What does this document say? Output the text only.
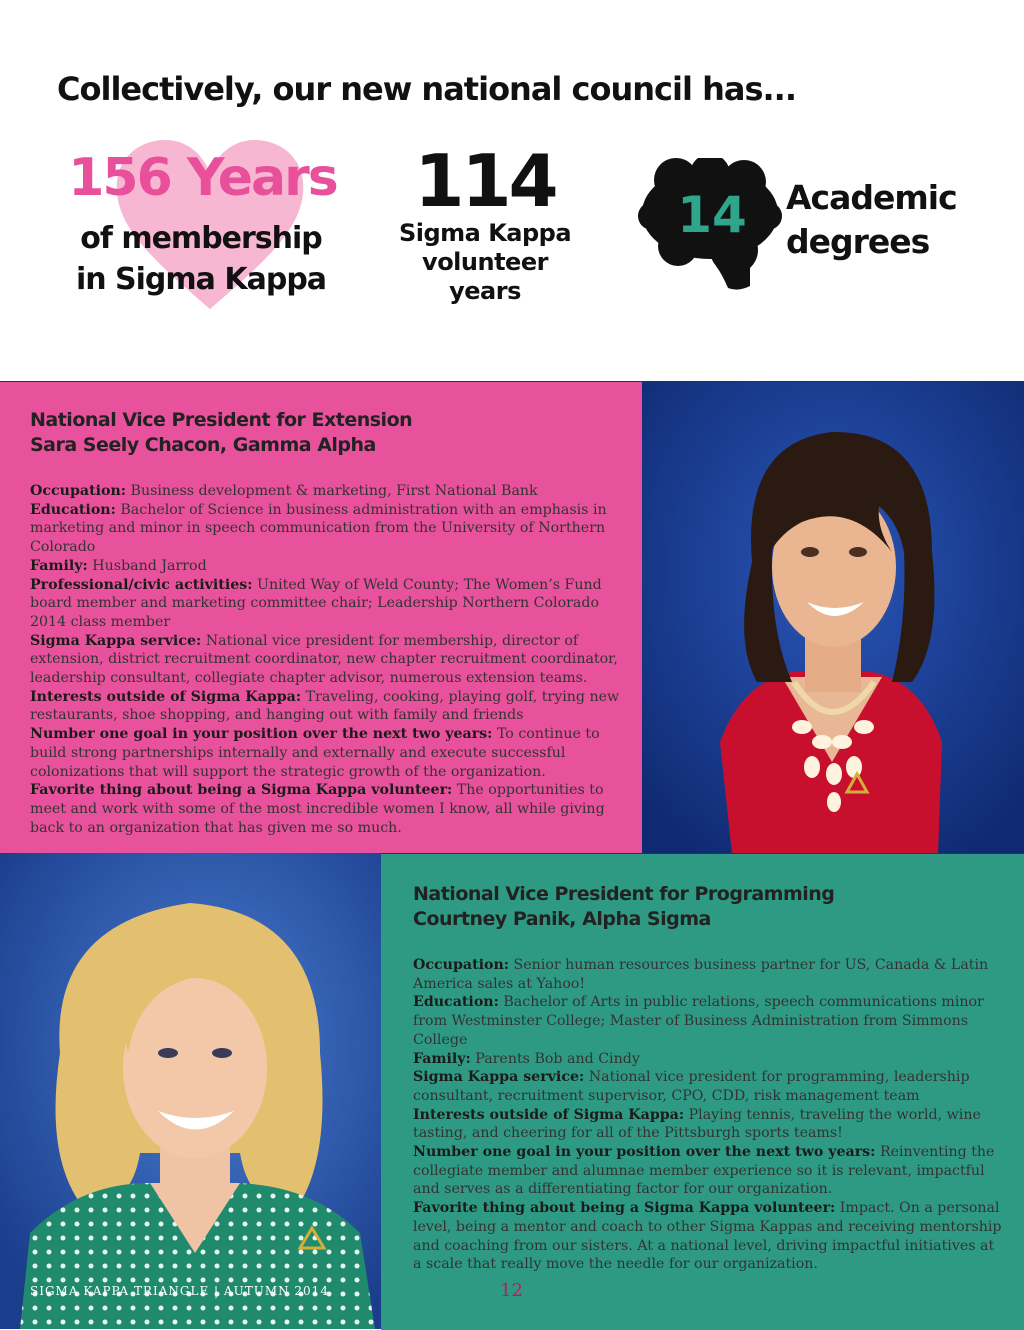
Collectively, our new national council has...
156 Years
of membership
in Sigma Kappa
114
Sigma Kappa
volunteer
years
14	Academic
degrees
National Vice President for Extension
Sara Seely Chacon, Gamma Alpha

Occupation: Business development & marketing, First National Bank

Education: Bachelor of Science in business administration with an emphasis in marketing and minor in speech communication from the University of Northern Colorado

Family: Husband Jarrod

Professional/civic activities: United Way of Weld County; The Women’s Fund board member and marketing committee chair; Leadership Northern Colorado 2014 class member

Sigma Kappa service: National vice president for membership, director of extension, district recruitment coordinator, new chapter recruitment coordinator, leadership consultant, collegiate chapter advisor, numerous extension teams.

Interests outside of Sigma Kappa: Traveling, cooking, playing golf, trying new restaurants, shoe shopping, and hanging out with family and friends

Number one goal in your position over the next two years: To continue to build strong partnerships internally and externally and execute successful colonizations that will support the strategic growth of the organization.

Favorite thing about being a Sigma Kappa volunteer: The opportunities to meet and work with some of the most incredible women I know, all while giving back to an organization that has given me so much.

National Vice President for Programming
Courtney Panik, Alpha Sigma

Occupation: Senior human resources business partner for US, Canada & Latin America sales at Yahoo!

Education: Bachelor of Arts in public relations, speech communications minor from Westminster College; Master of Business Administration from Simmons College

Family: Parents Bob and Cindy

Sigma Kappa service: National vice president for programming, leadership consultant, recruitment supervisor, CPO, CDD, risk management team

Interests outside of Sigma Kappa: Playing tennis, traveling the world, wine tasting, and cheering for all of the Pittsburgh sports teams!

Number one goal in your position over the next two years: Reinventing the collegiate member and alumnae member experience so it is relevant, impactful and serves as a differentiating factor for our organization.

Favorite thing about being a Sigma Kappa volunteer: Impact. On a personal level, being a mentor and coach to other Sigma Kappas and receiving mentorship and coaching from our sisters. At a national level, driving impactful initiatives at a scale that really move the needle for our organization.

SIGMA KAPPA TRIANGLE | AUTUMN 2014	12
